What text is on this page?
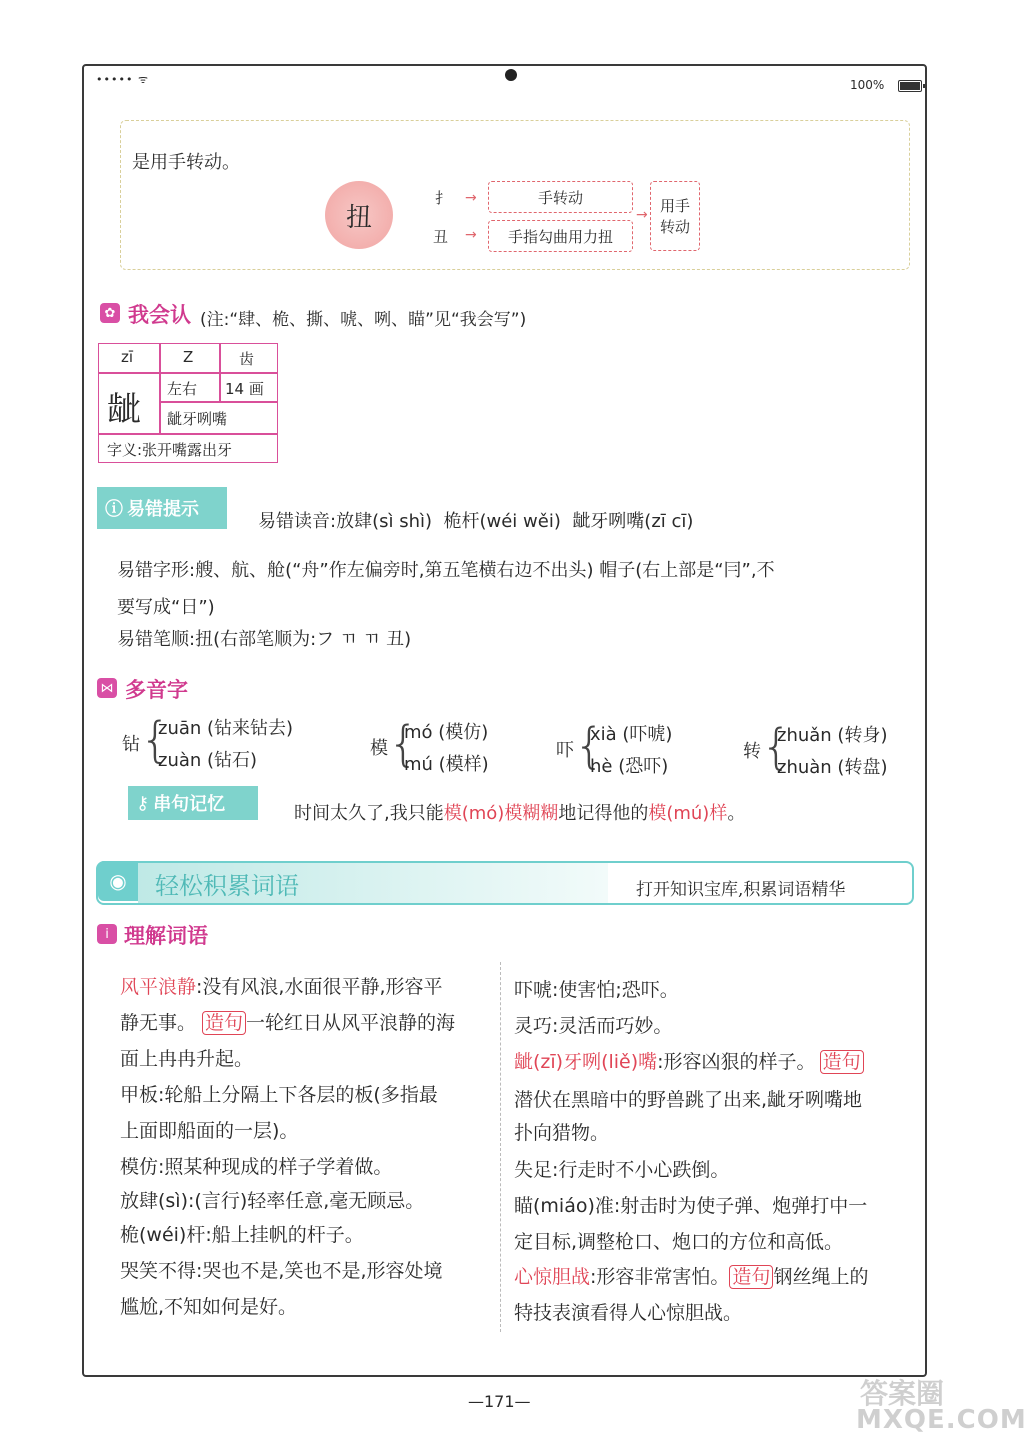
••••• ᯤ	100%
是用手转动。
扭
扌
丑
→
→
手转动
手指勾曲用力扭
→ 用手
转动
✿ 我会认 (注:“肆、桅、撕、唬、咧、瞄”见“我会写”)
zī	Z	齿
龇
左右 14 画
龇牙咧嘴
字义:张开嘴露出牙
ⓘ 易错提示
易错读音:放肆(sì shì) 桅杆(wéi wěi) 龇牙咧嘴(zī cī)
易错字形:艘、航、舱(“舟”作左偏旁时,第五笔横右边不出头) 帽子(右上部是“冃”,不
要写成“日”)
易错笔顺:扭(右部笔顺为:フ ㄲ ㄲ 丑)
⋈ 多音字
钻 {
zuān (钻来钻去)
zuàn (钻石)
模 {
mó (模仿)
mú (模样)
吓 {
xià (吓唬)
hè (恐吓)
转 {
zhuǎn (转身)
zhuàn (转盘)
⚷ 串句记忆	时间太久了,我只能模(mó)模糊糊地记得他的模(mú)样。
◉	轻松积累词语	打开知识宝库,积累词语精华
i 理解词语
风平浪静:没有风浪,水面很平静,形容平
静无事。 造句 一轮红日从风平浪静的海
面上冉冉升起。
甲板:轮船上分隔上下各层的板(多指最
上面即船面的一层)。
模仿:照某种现成的样子学着做。
放肆(sì):(言行)轻率任意,毫无顾忌。
桅(wéi)杆:船上挂帆的杆子。
哭笑不得:哭也不是,笑也不是,形容处境
尴尬,不知如何是好。
吓唬:使害怕;恐吓。
灵巧:灵活而巧妙。
龇(zī)牙咧(liě)嘴:形容凶狠的样子。 造句
潜伏在黑暗中的野兽跳了出来,龇牙咧嘴地
扑向猎物。
失足:行走时不小心跌倒。
瞄(miáo)准:射击时为使子弹、炮弹打中一
定目标,调整枪口、炮口的方位和高低。
心惊胆战:形容非常害怕。 造句 钢丝绳上的
特技表演看得人心惊胆战。
—171—	答案圈
MXQE.COM
